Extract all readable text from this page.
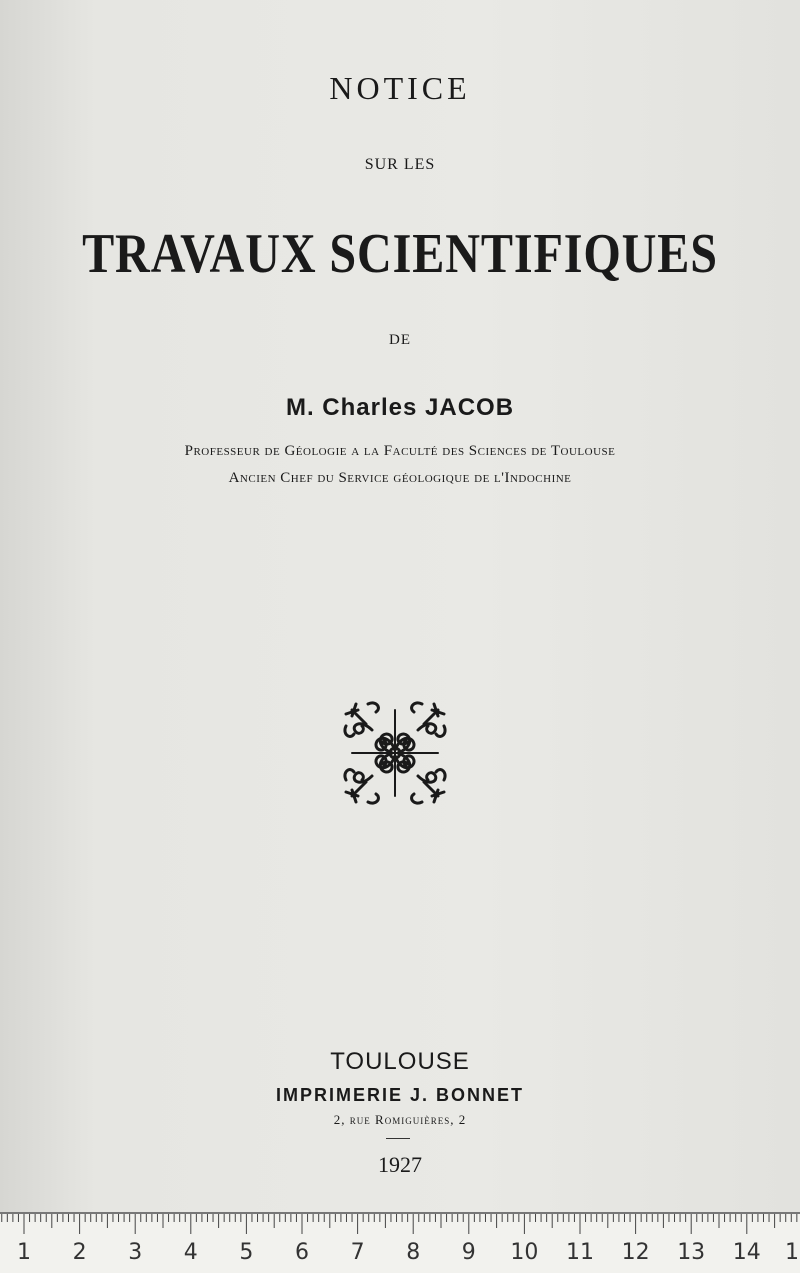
NOTICE

SUR LES

TRAVAUX SCIENTIFIQUES

DE

M. Charles JACOB

Professeur de Géologie a la Faculté des Sciences de Toulouse

Ancien Chef du Service géologique de l'Indochine

TOULOUSE

IMPRIMERIE J. BONNET

2, rue Romiguières, 2

1927

1 2 3 4 5 6 7 8 9 10 11 12 13 14 1
